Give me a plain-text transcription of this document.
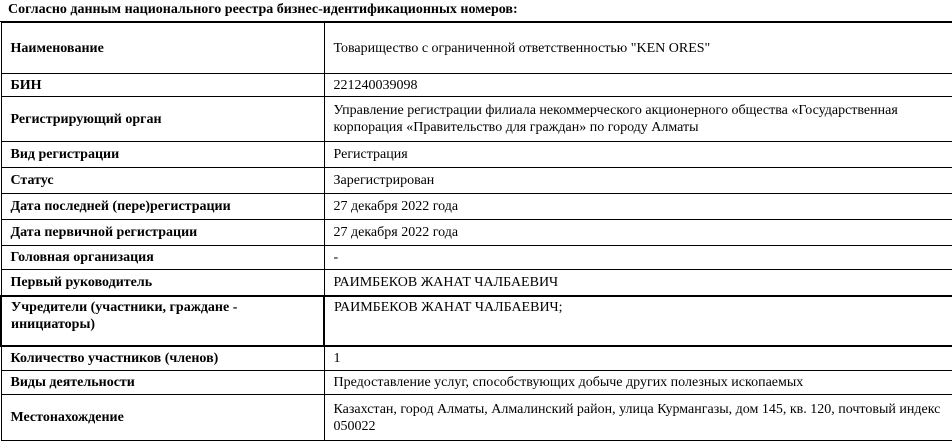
Согласно данным национального реестра бизнес-идентификационных номеров:
Наименование	Товарищество с ограниченной ответственностью "KEN ORES"
БИН	221240039098
Регистрирующий орган	Управление регистрации филиала некоммерческого акционерного общества «Государственная корпорация «Правительство для граждан» по городу Алматы
Вид регистрации	Регистрация
Статус	Зарегистрирован
Дата последней (пере)регистрации	27 декабря 2022 года
Дата первичной регистрации	27 декабря 2022 года
Головная организация	-
Первый руководитель	РАИМБЕКОВ ЖАНАТ ЧАЛБАЕВИЧ
Учредители (участники, граждане - инициаторы)	РАИМБЕКОВ ЖАНАТ ЧАЛБАЕВИЧ;
Количество участников (членов)	1
Виды деятельности	Предоставление услуг, способствующих добыче других полезных ископаемых
Местонахождение	Казахстан, город Алматы, Алмалинский район, улица Курмангазы, дом 145, кв. 120, почтовый индекс 050022
